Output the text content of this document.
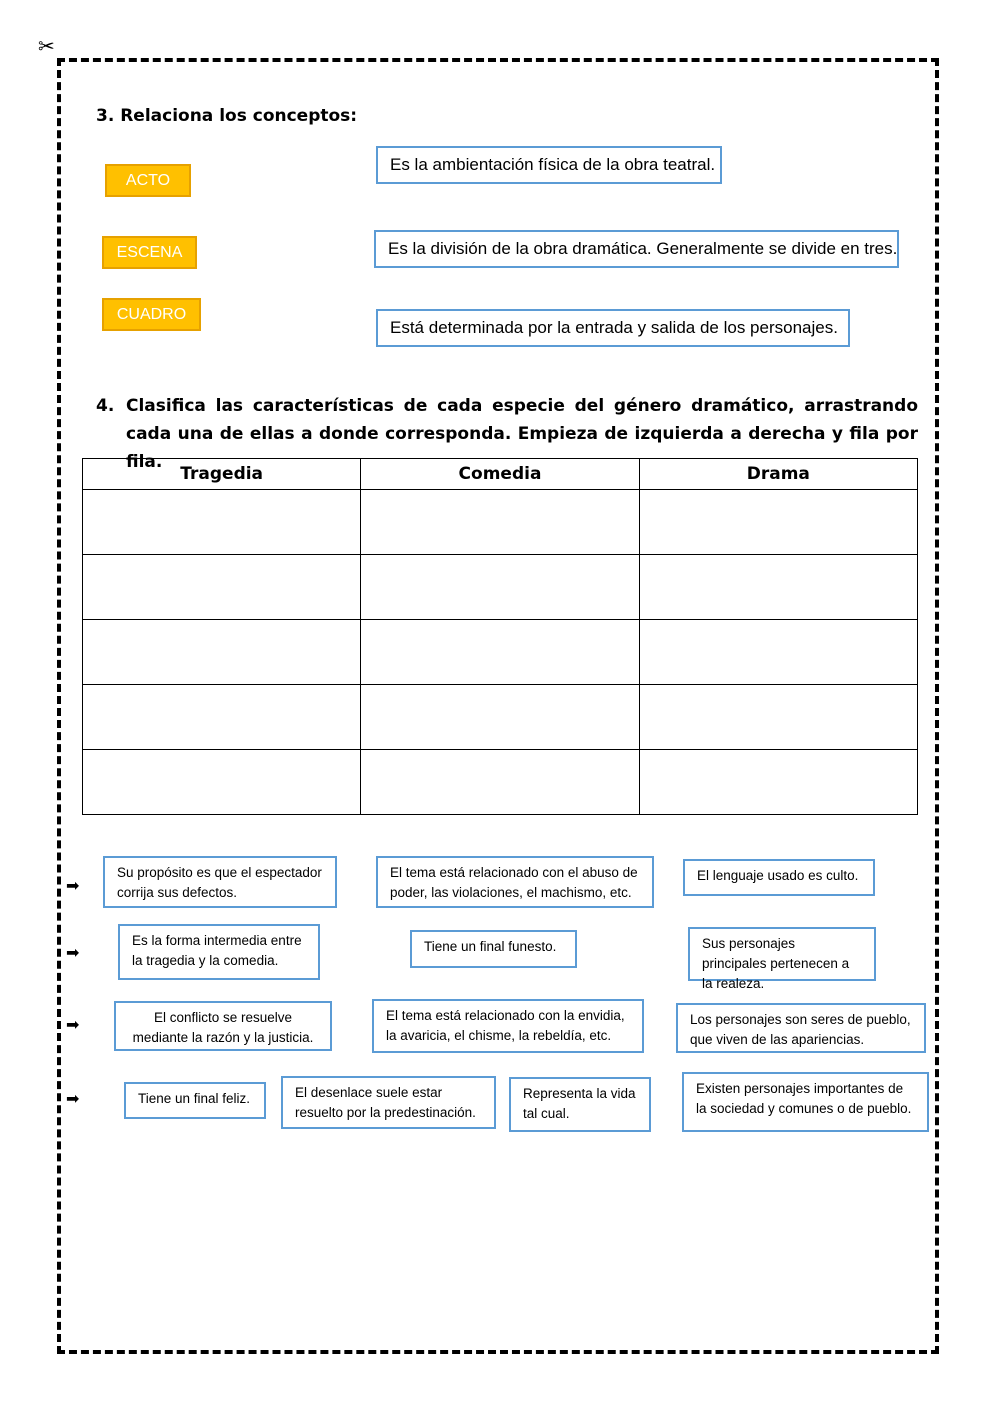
✂
3. Relaciona los conceptos:
ACTO
ESCENA
CUADRO
Es la ambientación física de la obra teatral.
Es la división de la obra dramática. Generalmente se divide en tres.
Está determinada por la entrada y salida de los personajes.
4. Clasifica las características de cada especie del género dramático, arrastrando cada una de ellas a donde corresponda. Empieza de izquierda a derecha y fila por fila.
Tragedia	Comedia	Drama

➡
➡
➡
➡
Su propósito es que el espectador corrija sus defectos.
El tema está relacionado con el abuso de poder, las violaciones, el machismo, etc.
El lenguaje usado es culto.
Es la forma intermedia entre la tragedia y la comedia.
Tiene un final funesto.	Sus personajes principales pertenecen a la realeza.
El conflicto se resuelve mediante la razón y la justicia.
El tema está relacionado con la envidia, la avaricia, el chisme, la rebeldía, etc.
Los personajes son seres de pueblo, que viven de las apariencias.
Tiene un final feliz.	El desenlace suele estar resuelto por la predestinación.
Representa la vida tal cual.
Existen personajes importantes de la sociedad y comunes o de pueblo.
